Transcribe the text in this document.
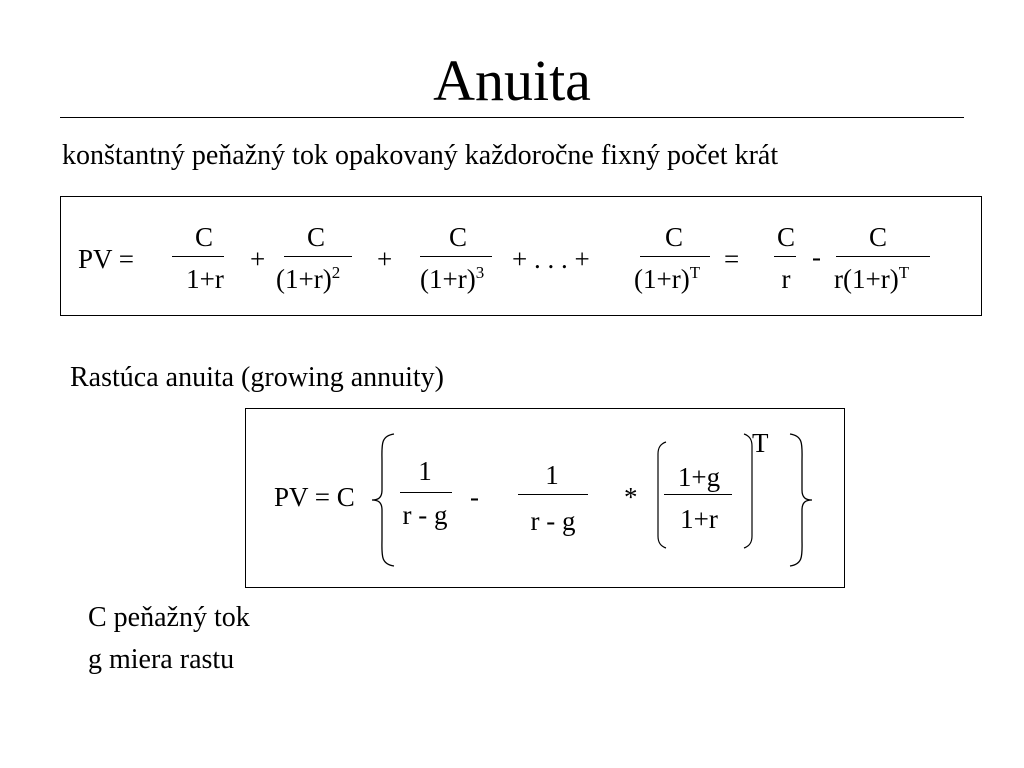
Anuita
konštantný peňažný tok opakovaný každoročne fixný počet krát
PV =
C
1+r
+
C
$(1+r)^2$ +
C
$(1+r)^3$ + . . . +
C
$(1+r)^T$ =
C
r
-
C
$r(1+r)^T$
Rastúca anuita (growing annuity)
PV = C
1
r - g
-
1
r - g
*
1+g
1+r
T
C peňažný tok
g miera rastu
